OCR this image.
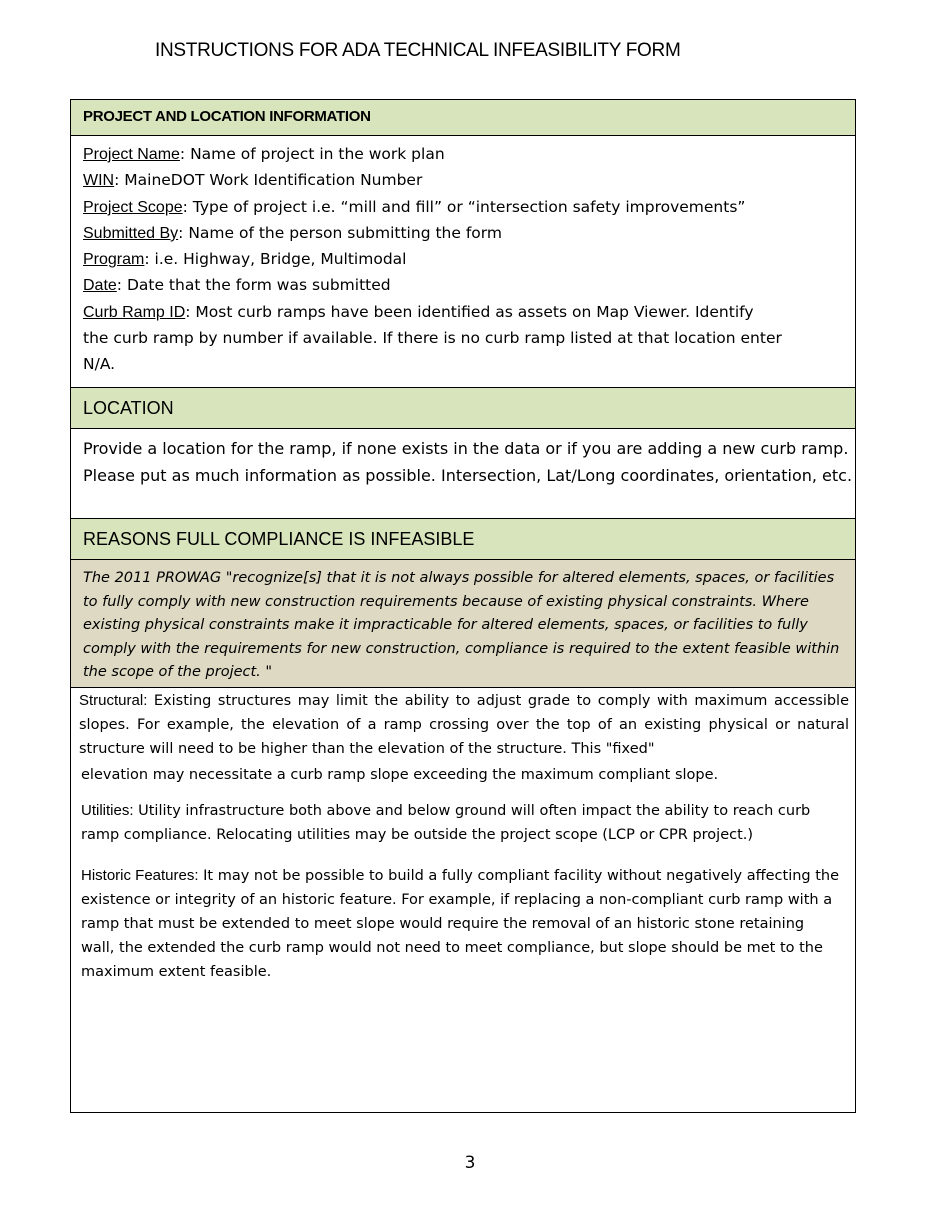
INSTRUCTIONS FOR ADA TECHNICAL INFEASIBILITY FORM
PROJECT AND LOCATION INFORMATION
Project Name: Name of project in the work plan
WIN: MaineDOT Work Identification Number
Project Scope: Type of project i.e. “mill and fill” or “intersection safety improvements”
Submitted By: Name of the person submitting the form
Program: i.e. Highway, Bridge, Multimodal
Date: Date that the form was submitted
Curb Ramp ID: Most curb ramps have been identified as assets on Map Viewer. Identify
the curb ramp by number if available. If there is no curb ramp listed at that location enter
N/A.
LOCATION
Provide a location for the ramp, if none exists in the data or if you are adding a new curb ramp. Please put as much information as possible. Intersection, Lat/Long coordinates, orientation, etc.
REASONS FULL COMPLIANCE IS INFEASIBLE

The 2011 PROWAG "recognize[s] that it is not always possible for altered elements, spaces, or facilities to fully comply with new construction requirements because of existing physical constraints. Where existing physical constraints make it impracticable for altered elements, spaces, or facilities to fully comply with the requirements for new construction, compliance is required to the extent feasible within the scope of the project. "

Structural: Existing structures may limit the ability to adjust grade to comply with maximum accessible slopes. For example, the elevation of a ramp crossing over the top of an existing physical or natural structure will need to be higher than the elevation of the structure. This "fixed"
elevation may necessitate a curb ramp slope exceeding the maximum compliant slope.
Utilities: Utility infrastructure both above and below ground will often impact the ability to reach curb ramp compliance. Relocating utilities may be outside the project scope (LCP or CPR project.)
Historic Features: It may not be possible to build a fully compliant facility without negatively affecting the existence or integrity of an historic feature. For example, if replacing a non-compliant curb ramp with a ramp that must be extended to meet slope would require the removal of an historic stone retaining wall, the extended the curb ramp would not need to meet compliance, but slope should be met to the maximum extent feasible.
3
